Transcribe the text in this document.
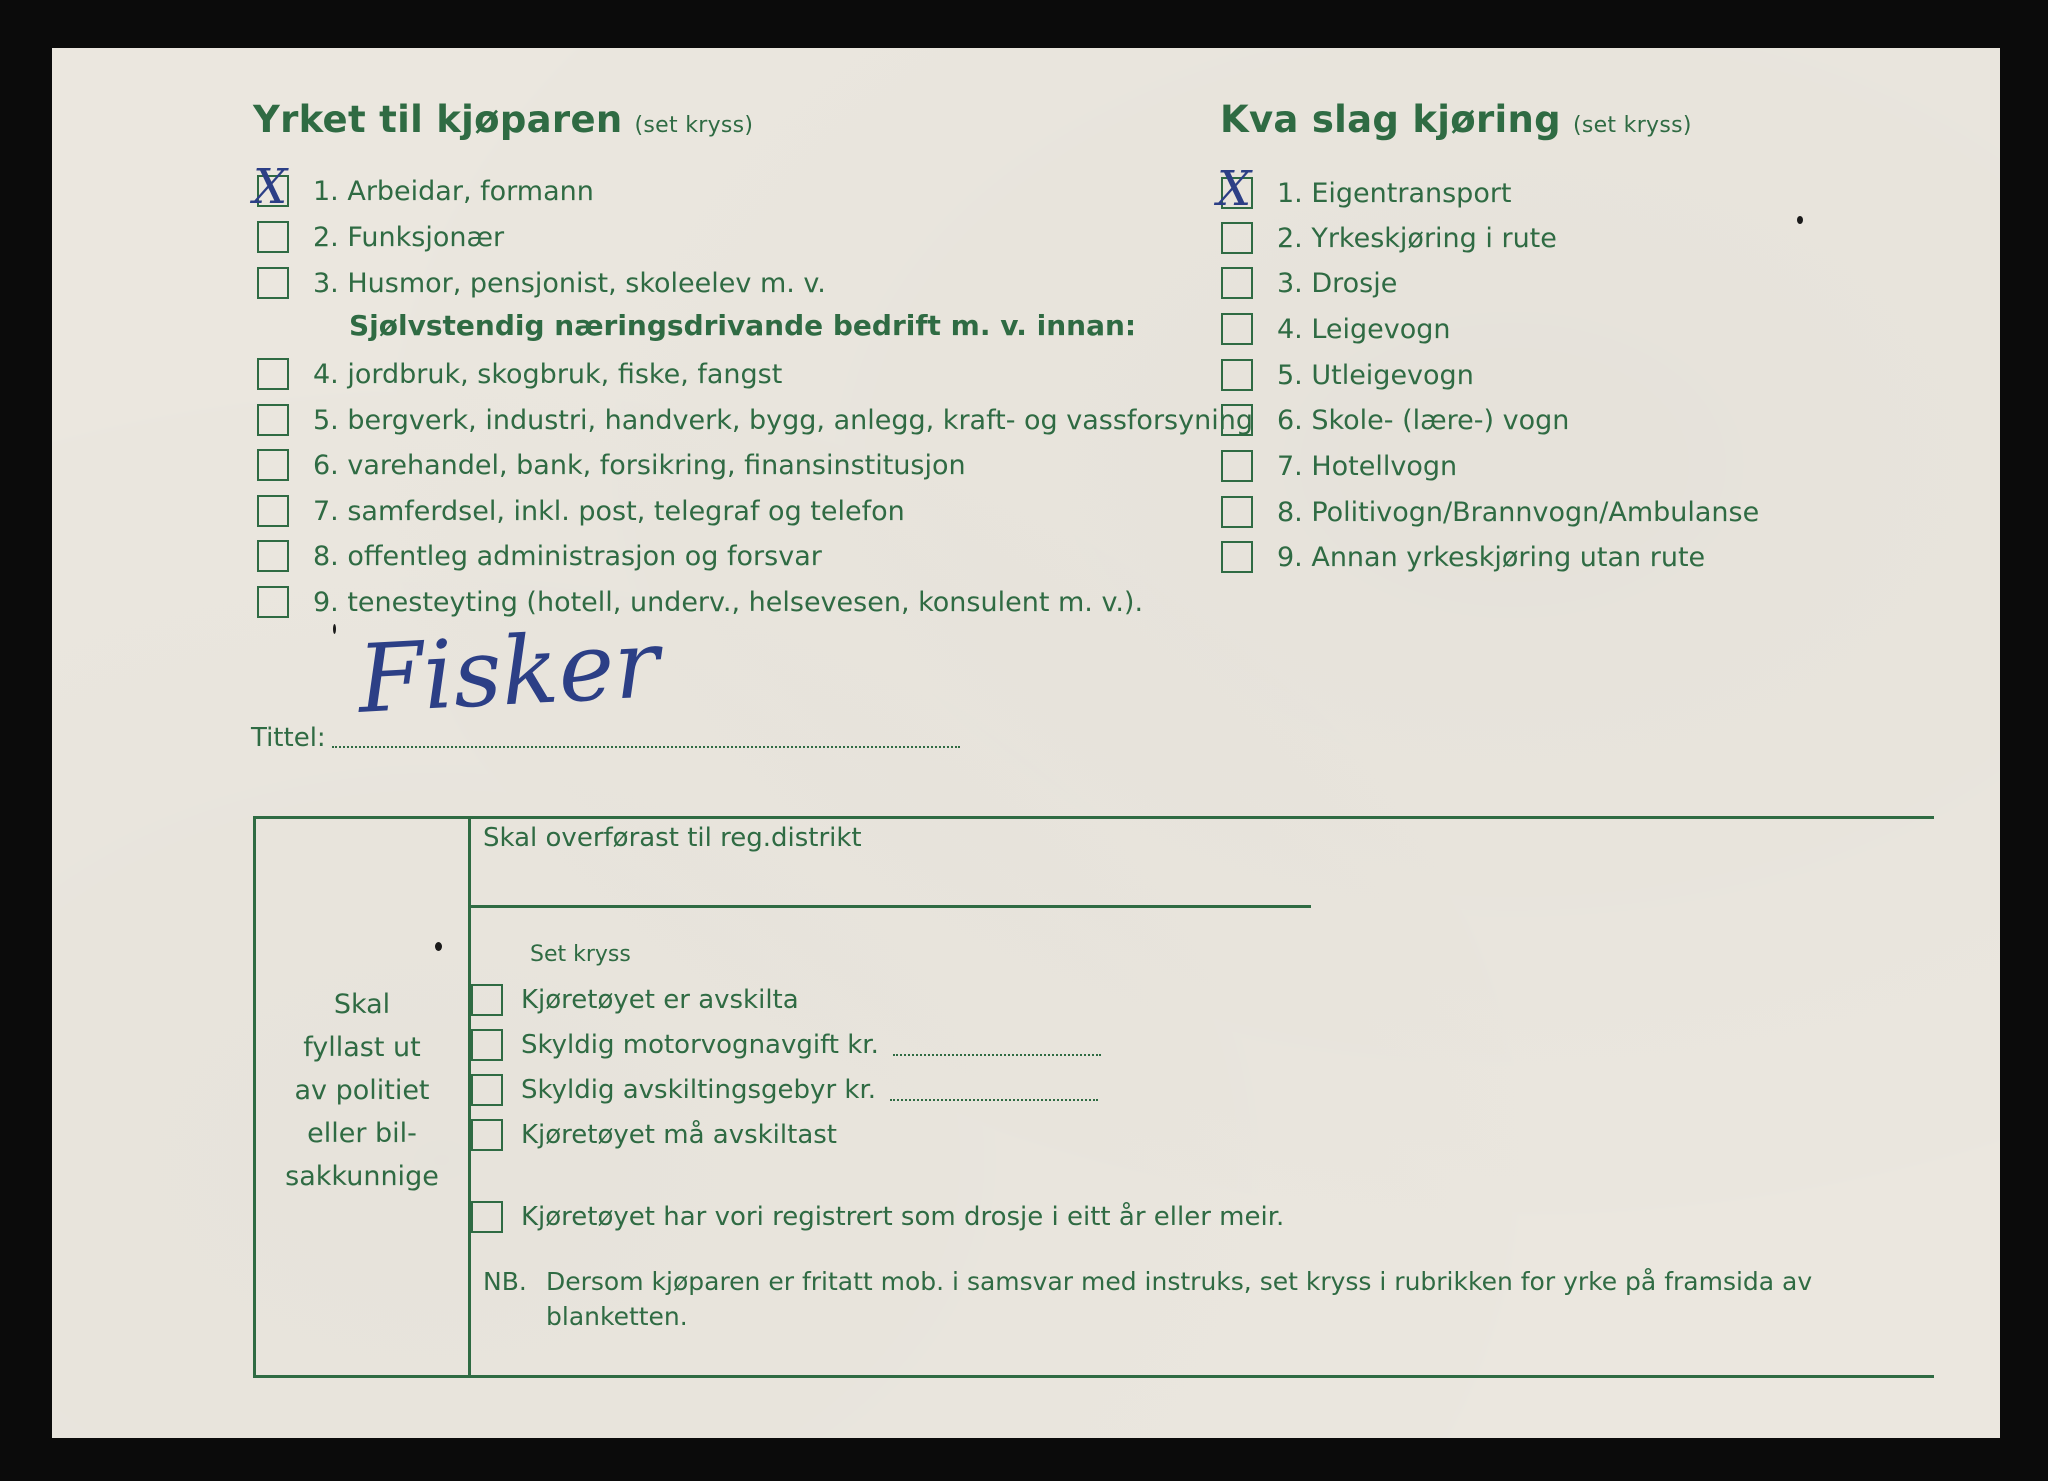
Yrket til kjøparen (set kryss)
X 1. Arbeidar, formann
2. Funksjonær
3. Husmor, pensjonist, skoleelev m. v.
Sjølvstendig næringsdrivande bedrift m. v. innan:
4. jordbruk, skogbruk, fiske, fangst
5. bergverk, industri, handverk, bygg, anlegg, kraft- og vassforsyning
6. varehandel, bank, forsikring, finansinstitusjon
7. samferdsel, inkl. post, telegraf og telefon
8. offentleg administrasjon og forsvar
9. tenesteyting (hotell, underv., helsevesen, konsulent m. v.).
Kva slag kjøring (set kryss)
X 1. Eigentransport
2. Yrkeskjøring i rute
3. Drosje
4. Leigevogn
5. Utleigevogn
6. Skole- (lære-) vogn
7. Hotellvogn
8. Politivogn/Brannvogn/Ambulanse
9. Annan yrkeskjøring utan rute
Tittel:
Fisker
Skal
fyllast ut
av politiet
eller bil-
sakkunnige
Skal overførast til reg.distrikt
Set kryss
Kjøretøyet er avskilta
Skyldig motorvognavgift kr.
Skyldig avskiltingsgebyr kr.
Kjøretøyet må avskiltast
Kjøretøyet har vori registrert som drosje i eitt år eller meir.
NB. Dersom kjøparen er fritatt mob. i samsvar med instruks, set kryss i rubrikken for yrke på framsida av blanketten.
